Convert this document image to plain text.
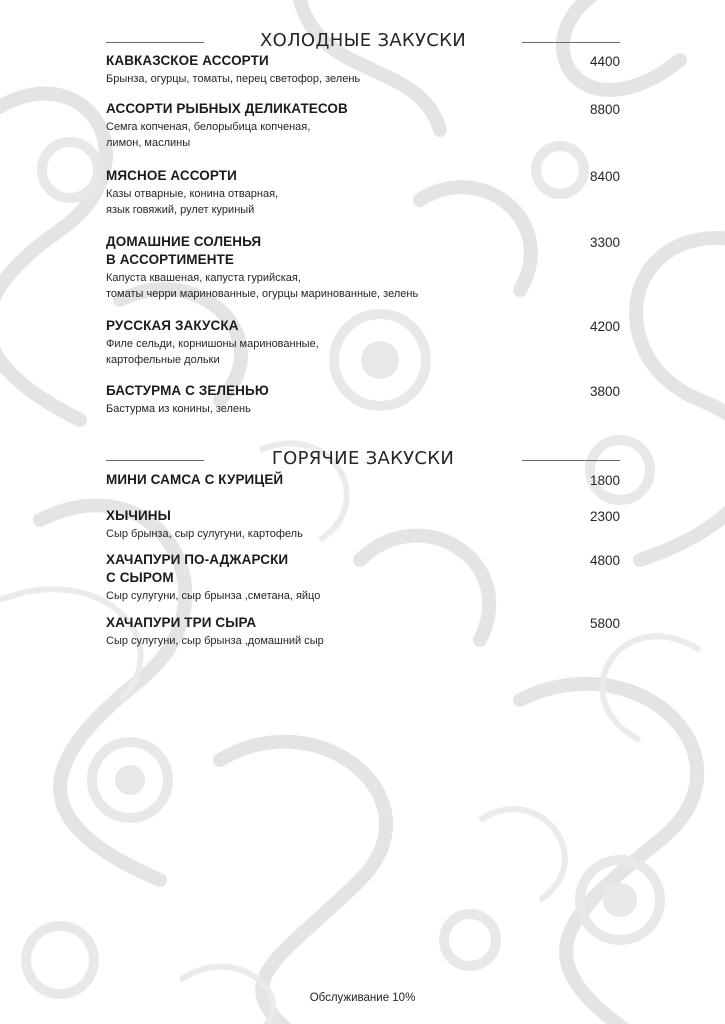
ХОЛОДНЫЕ ЗАКУСКИ
КАВКАЗСКОЕ АССОРТИ
Брынза, огурцы, томаты, перец светофор, зелень
4400
АССОРТИ РЫБНЫХ ДЕЛИКАТЕСОВ
Семга копченая, белорыбица копченая,
лимон, маслины
8800
МЯСНОЕ АССОРТИ
Казы отварные, конина отварная,
язык говяжий, рулет куриный
8400
ДОМАШНИЕ СОЛЕНЬЯ
В АССОРТИМЕНТЕ
Капуста квашеная, капуста гурийская,
томаты черри маринованные, огурцы маринованные, зелень
3300
РУССКАЯ ЗАКУСКА
Филе сельди, корнишоны маринованные,
картофельные дольки
4200
БАСТУРМА С ЗЕЛЕНЬЮ
Бастурма из конины, зелень
3800
ГОРЯЧИЕ ЗАКУСКИ
МИНИ САМСА С КУРИЦЕЙ	1800
ХЫЧИНЫ
Сыр брынза, сыр сулугуни, картофель
2300
ХАЧАПУРИ ПО-АДЖАРСКИ
С СЫРОМ
Сыр сулугуни, сыр брынза ,сметана, яйцо
4800
ХАЧАПУРИ ТРИ СЫРА
Сыр сулугуни, сыр брынза ,домашний сыр
5800
Обслуживание 10%
